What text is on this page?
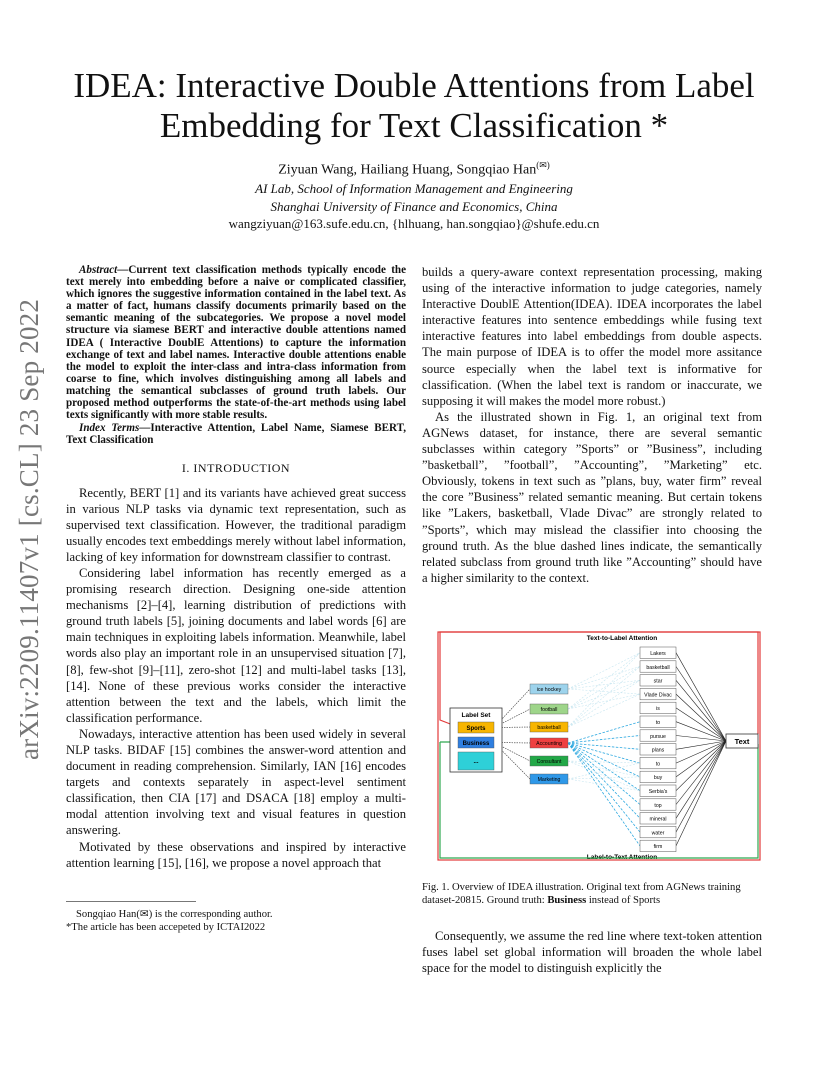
arXiv:2209.11407v1 [cs.CL] 23 Sep 2022
IDEA: Interactive Double Attentions from Label Embedding for Text Classification *
Ziyuan Wang, Hailiang Huang, Songqiao Han(✉)
AI Lab, School of Information Management and Engineering
Shanghai University of Finance and Economics, China
wangziyuan@163.sufe.edu.cn, {hlhuang, han.songqiao}@shufe.edu.cn

Abstract—Current text classification methods typically encode the text merely into embedding before a naive or complicated classifier, which ignores the suggestive information contained in the label text. As a matter of fact, humans classify documents primarily based on the semantic meaning of the subcategories. We propose a novel model structure via siamese BERT and interactive double attentions named IDEA ( Interactive DoublE Attentions) to capture the information exchange of text and label names. Interactive double attentions enable the model to exploit the inter-class and intra-class information from coarse to fine, which involves distinguishing among all labels and matching the semantical subclasses of ground truth labels. Our proposed method outperforms the state-of-the-art methods using label texts significantly with more stable results.

Index Terms—Interactive Attention, Label Name, Siamese BERT, Text Classification

I. INTRODUCTION

Recently, BERT [1] and its variants have achieved great success in various NLP tasks via dynamic text representation, such as supervised text classification. However, the traditional paradigm usually encodes text embeddings merely without label information, lacking of key information for downstream classifier to contrast.

Considering label information has recently emerged as a promising research direction. Designing one-side attention mechanisms [2]–[4], learning distribution of predictions with ground truth labels [5], joining documents and label words [6] are main techniques in exploiting labels information. Meanwhile, label words also play an important role in an unsupervised situation [7], [8], few-shot [9]–[11], zero-shot [12] and multi-label tasks [13], [14]. None of these previous works consider the interactive attention between the text and the labels, which limit the classification performance.

Nowadays, interactive attention has been used widely in several NLP tasks. BIDAF [15] combines the answer-word attention and document in reading comprehension. Similarly, IAN [16] encodes targets and contexts separately in aspect-level sentiment classification, then CIA [17] and DSACA [18] employ a multi-modal attention involving text and visual features in question answering.

Motivated by these observations and inspired by interactive attention learning [15], [16], we propose a novel approach that

Songqiao Han(✉) is the corresponding author.

*The article has been accepeted by ICTAI2022

builds a query-aware context representation processing, making using of the interactive information to judge categories, namely Interactive DoublE Attention(IDEA). IDEA incorporates the label interactive features into sentence embeddings while fusing text interactive features into label embeddings from double aspects. The main purpose of IDEA is to offer the model more assitance source especially when the label text is informative for classification. (When the label text is random or inaccurate, we supposing it will makes the model more robust.)

As the illustrated shown in Fig. 1, an original text from AGNews dataset, for instance, there are several semantic subclasses within category ”Sports” or ”Business”, including ”basketball”, ”football”, ”Accounting”, ”Marketing” etc. Obviously, tokens in text such as ”plans, buy, water firm” reveal the core ”Business” related semantic meaning. But certain tokens like ”Lakers, basketball, Vlade Divac” are strongly related to ”Sports”, which may mislead the classifier into choosing the ground truth. As the blue dashed lines indicate, the semantically related subclass from ground truth like ”Accounting” should have a higher similarity to the context.

Text-to-Label Attention
Label-to-Text Attention
Label Set
Sports
Business
...
ice hockey
football
basketball
Accounting
Consultant
Marketing
Lakers
basketball
star
Vlade Divac
is
to
pursue
plans
to
buy
Serbia's
top
mineral
water
firm
Text
Fig. 1. Overview of IDEA illustration. Original text from AGNews training dataset-20815. Ground truth: Business instead of Sports

Consequently, we assume the red line where text-token attention fuses label set global information will broaden the whole label space for the model to distinguish explicitly the
